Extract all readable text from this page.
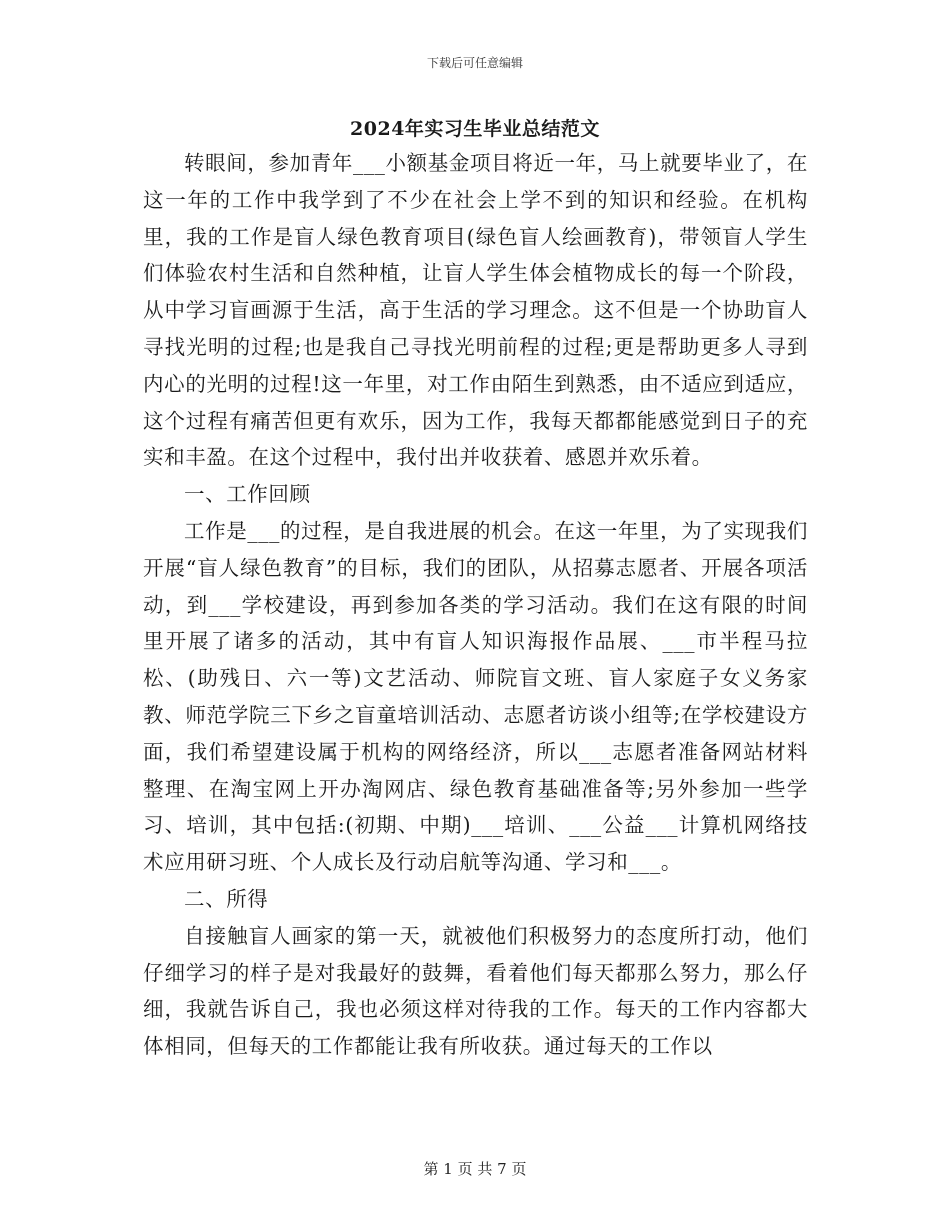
下载后可任意编辑
2024年实习生毕业总结范文

转眼间，参加青年___小额基金项目将近一年，马上就要毕业了，在这一年的工作中我学到了不少在社会上学不到的知识和经验。在机构里，我的工作是盲人绿色教育项目(绿色盲人绘画教育)，带领盲人学生们体验农村生活和自然种植，让盲人学生体会植物成长的每一个阶段，从中学习盲画源于生活，高于生活的学习理念。这不但是一个协助盲人寻找光明的过程;也是我自己寻找光明前程的过程;更是帮助更多人寻到内心的光明的过程!这一年里，对工作由陌生到熟悉，由不适应到适应，这个过程有痛苦但更有欢乐，因为工作，我每天都都能感觉到日子的充实和丰盈。在这个过程中，我付出并收获着、感恩并欢乐着。

一、工作回顾

工作是___的过程，是自我进展的机会。在这一年里，为了实现我们开展“盲人绿色教育”的目标，我们的团队，从招募志愿者、开展各项活动，到___学校建设，再到参加各类的学习活动。我们在这有限的时间里开展了诸多的活动，其中有盲人知识海报作品展、___市半程马拉松、(助残日、六一等)文艺活动、师院盲文班、盲人家庭子女义务家教、师范学院三下乡之盲童培训活动、志愿者访谈小组等;在学校建设方面，我们希望建设属于机构的网络经济，所以___志愿者准备网站材料整理、在淘宝网上开办淘网店、绿色教育基础准备等;另外参加一些学习、培训，其中包括:(初期、中期)___培训、___公益___计算机网络技术应用研习班、个人成长及行动启航等沟通、学习和___。

二、所得

自接触盲人画家的第一天，就被他们积极努力的态度所打动，他们仔细学习的样子是对我最好的鼓舞，看着他们每天都那么努力，那么仔细，我就告诉自己，我也必须这样对待我的工作。每天的工作内容都大体相同，但每天的工作都能让我有所收获。通过每天的工作以

第 1 页 共 7 页
